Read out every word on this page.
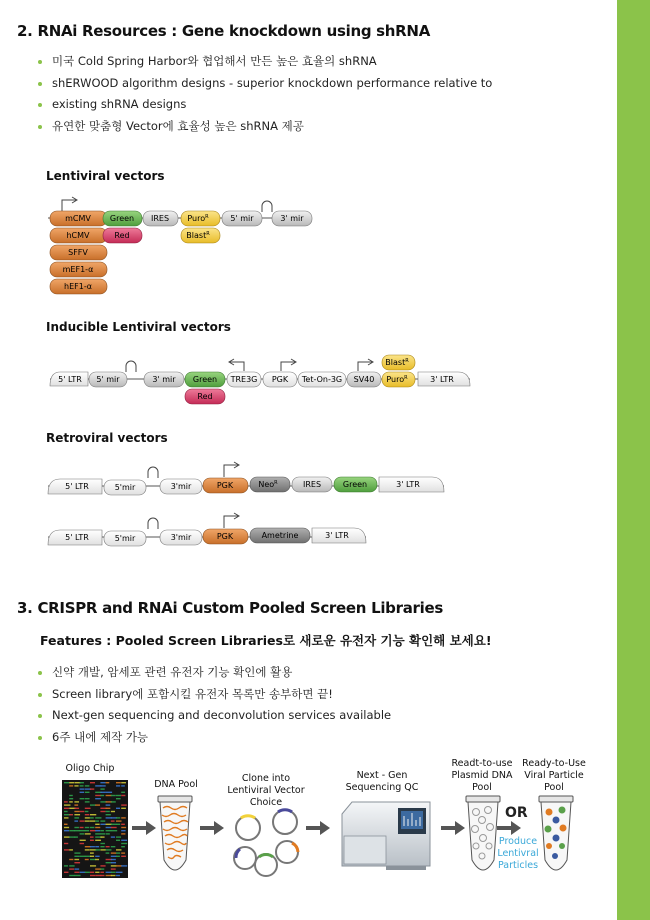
2. RNAi Resources : Gene knockdown using shRNA
미국 Cold Spring Harbor와 협업해서 만든 높은 효율의 shRNA
shERWOOD algorithm designs - superior knockdown performance relative to
existing shRNA designs
유연한 맞춤형 Vector에 효율성 높은 shRNA 제공
Lentiviral vectors
Inducible Lentiviral vectors
Retroviral vectors
mCMV
hCMV
SFFV
mEF1-α
hEF1-α
Green
Red
IRES Puro$^R$
Blast$^R$
5' mir	3' mir
5' LTR 5' mir	3' mir Green
Red
TRE3G PGK Tet-On-3G SV40
Blast$^R$
Puro$^R$	3' LTR
5' LTR	5'mir	3'mir	PGK	Neo$^R$	IRES	Green	3' LTR
5' LTR	5'mir	3'mir	PGK	Ametrine	3' LTR
3. CRISPR and RNAi Custom Pooled Screen Libraries
Features : Pooled Screen Libraries로 새로운 유전자 기능 확인해 보세요!
신약 개발, 암세포 관련 유전자 기능 확인에 활용
Screen library에 포함시킬 유전자 목록만 송부하면 끝!
Next-gen sequencing and deconvolution services available
6주 내에 제작 가능
Oligo Chip
DNA Pool
Clone into
Lentiviral Vector
Choice
Next - Gen
Sequencing QC
Readt-to-use
Plasmid DNA
Pool
Ready-to-Use
Viral Particle
Pool
OR
Produce
Lentivral
Particles
